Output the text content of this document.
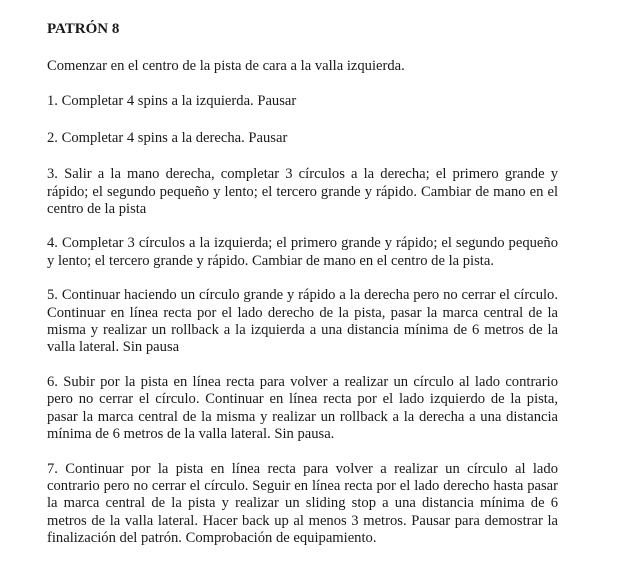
PATRÓN 8

Comenzar en el centro de la pista de cara a la valla izquierda.

1. Completar 4 spins a la izquierda. Pausar

2. Completar 4 spins a la derecha. Pausar

3. Salir a la mano derecha, completar 3 círculos a la derecha; el primero grande y rápido; el segundo pequeño y lento; el tercero grande y rápido. Cambiar de mano en el centro de la pista

4. Completar 3 círculos a la izquierda; el primero grande y rápido; el segundo pequeño y lento; el tercero grande y rápido. Cambiar de mano en el centro de la pista.

5. Continuar haciendo un círculo grande y rápido a la derecha pero no cerrar el círculo. Continuar en línea recta por el lado derecho de la pista, pasar la marca central de la misma y realizar un rollback a la izquierda a una distancia mínima de 6 metros de la valla lateral. Sin pausa

6. Subir por la pista en línea recta para volver a realizar un círculo al lado contrario pero no cerrar el círculo. Continuar en línea recta por el lado izquierdo de la pista, pasar la marca central de la misma y realizar un rollback a la derecha a una distancia mínima de 6 metros de la valla lateral. Sin pausa.

7. Continuar por la pista en línea recta para volver a realizar un círculo al lado contrario pero no cerrar el círculo. Seguir en línea recta por el lado derecho hasta pasar la marca central de la pista y realizar un sliding stop a una distancia mínima de 6 metros de la valla lateral. Hacer back up al menos 3 metros. Pausar para demostrar la finalización del patrón. Comprobación de equipamiento.
